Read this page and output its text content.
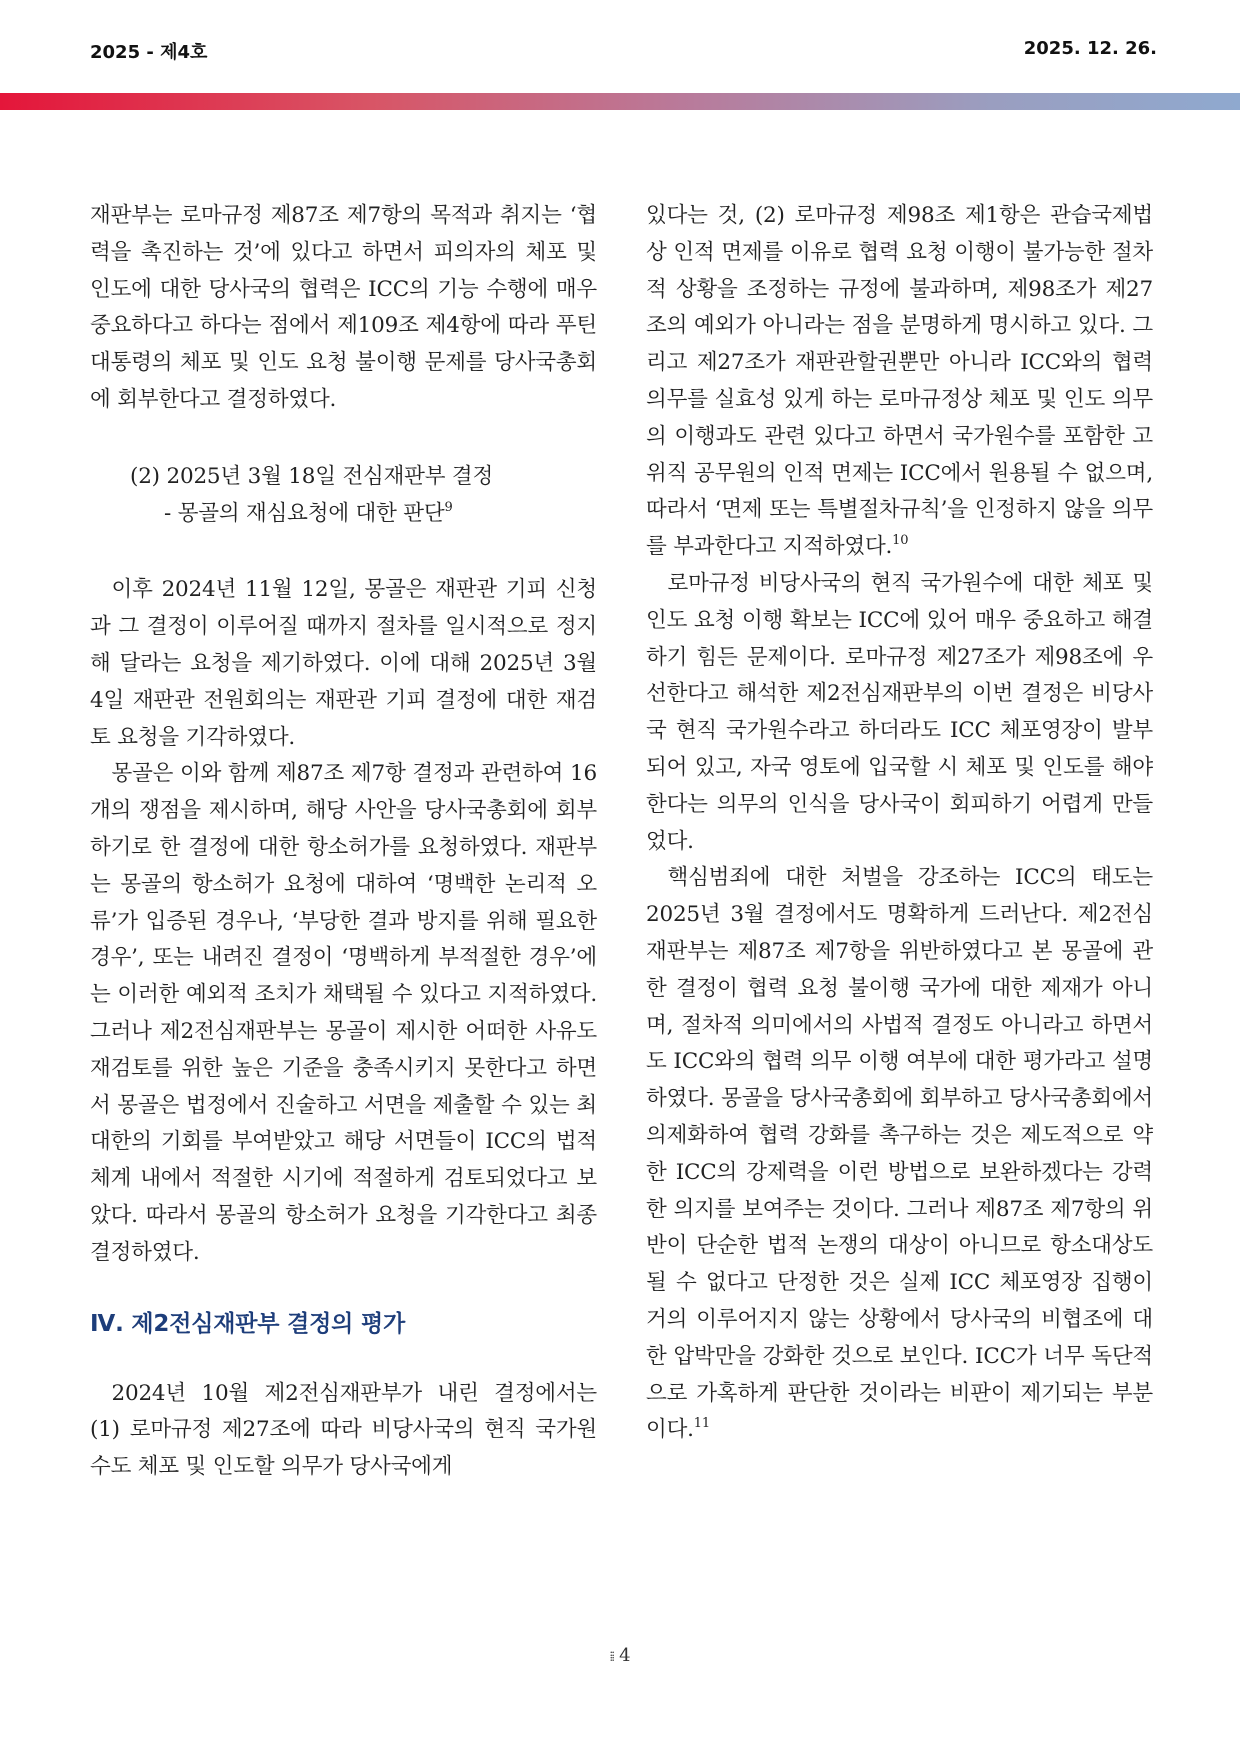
2025 - 제4호	2025. 12. 26.

재판부는 로마규정 제87조 제7항의 목적과 취지는 ‘협력을 촉진하는 것’에 있다고 하면서 피의자의 체포 및 인도에 대한 당사국의 협력은 ICC의 기능 수행에 매우 중요하다고 하다는 점에서 제109조 제4항에 따라 푸틴 대통령의 체포 및 인도 요청 불이행 문제를 당사국총회에 회부한다고 결정하였다.

(2) 2025년 3월 18일 전심재판부 결정
- 몽골의 재심요청에 대한 판단$^9$

이후 2024년 11월 12일, 몽골은 재판관 기피 신청과 그 결정이 이루어질 때까지 절차를 일시적으로 정지해 달라는 요청을 제기하였다. 이에 대해 2025년 3월 4일 재판관 전원회의는 재판관 기피 결정에 대한 재검토 요청을 기각하였다.

몽골은 이와 함께 제87조 제7항 결정과 관련하여 16개의 쟁점을 제시하며, 해당 사안을 당사국총회에 회부하기로 한 결정에 대한 항소허가를 요청하였다. 재판부는 몽골의 항소허가 요청에 대하여 ‘명백한 논리적 오류’가 입증된 경우나, ‘부당한 결과 방지를 위해 필요한 경우’, 또는 내려진 결정이 ‘명백하게 부적절한 경우’에는 이러한 예외적 조치가 채택될 수 있다고 지적하였다. 그러나 제2전심재판부는 몽골이 제시한 어떠한 사유도 재검토를 위한 높은 기준을 충족시키지 못한다고 하면서 몽골은 법정에서 진술하고 서면을 제출할 수 있는 최대한의 기회를 부여받았고 해당 서면들이 ICC의 법적 체계 내에서 적절한 시기에 적절하게 검토되었다고 보았다. 따라서 몽골의 항소허가 요청을 기각한다고 최종결정하였다.

Ⅳ. 제2전심재판부 결정의 평가

2024년 10월 제2전심재판부가 내린 결정에서는 (1) 로마규정 제27조에 따라 비당사국의 현직 국가원수도 체포 및 인도할 의무가 당사국에게

있다는 것, (2) 로마규정 제98조 제1항은 관습국제법상 인적 면제를 이유로 협력 요청 이행이 불가능한 절차적 상황을 조정하는 규정에 불과하며, 제98조가 제27조의 예외가 아니라는 점을 분명하게 명시하고 있다. 그리고 제27조가 재판관할권뿐만 아니라 ICC와의 협력 의무를 실효성 있게 하는 로마규정상 체포 및 인도 의무의 이행과도 관련 있다고 하면서 국가원수를 포함한 고위직 공무원의 인적 면제는 ICC에서 원용될 수 없으며, 따라서 ‘면제 또는 특별절차규칙’을 인정하지 않을 의무를 부과한다고 지적하였다.$^{10}$

로마규정 비당사국의 현직 국가원수에 대한 체포 및 인도 요청 이행 확보는 ICC에 있어 매우 중요하고 해결하기 힘든 문제이다. 로마규정 제27조가 제98조에 우선한다고 해석한 제2전심재판부의 이번 결정은 비당사국 현직 국가원수라고 하더라도 ICC 체포영장이 발부되어 있고, 자국 영토에 입국할 시 체포 및 인도를 해야 한다는 의무의 인식을 당사국이 회피하기 어렵게 만들었다.

핵심범죄에 대한 처벌을 강조하는 ICC의 태도는 2025년 3월 결정에서도 명확하게 드러난다. 제2전심재판부는 제87조 제7항을 위반하였다고 본 몽골에 관한 결정이 협력 요청 불이행 국가에 대한 제재가 아니며, 절차적 의미에서의 사법적 결정도 아니라고 하면서도 ICC와의 협력 의무 이행 여부에 대한 평가라고 설명하였다. 몽골을 당사국총회에 회부하고 당사국총회에서 의제화하여 협력 강화를 촉구하는 것은 제도적으로 약한 ICC의 강제력을 이런 방법으로 보완하겠다는 강력한 의지를 보여주는 것이다. 그러나 제87조 제7항의 위반이 단순한 법적 논쟁의 대상이 아니므로 항소대상도 될 수 없다고 단정한 것은 실제 ICC 체포영장 집행이 거의 이루어지지 않는 상황에서 당사국의 비협조에 대한 압박만을 강화한 것으로 보인다. ICC가 너무 독단적으로 가혹하게 판단한 것이라는 비판이 제기되는 부분이다.$^{11}$

⁞⁞ 4
